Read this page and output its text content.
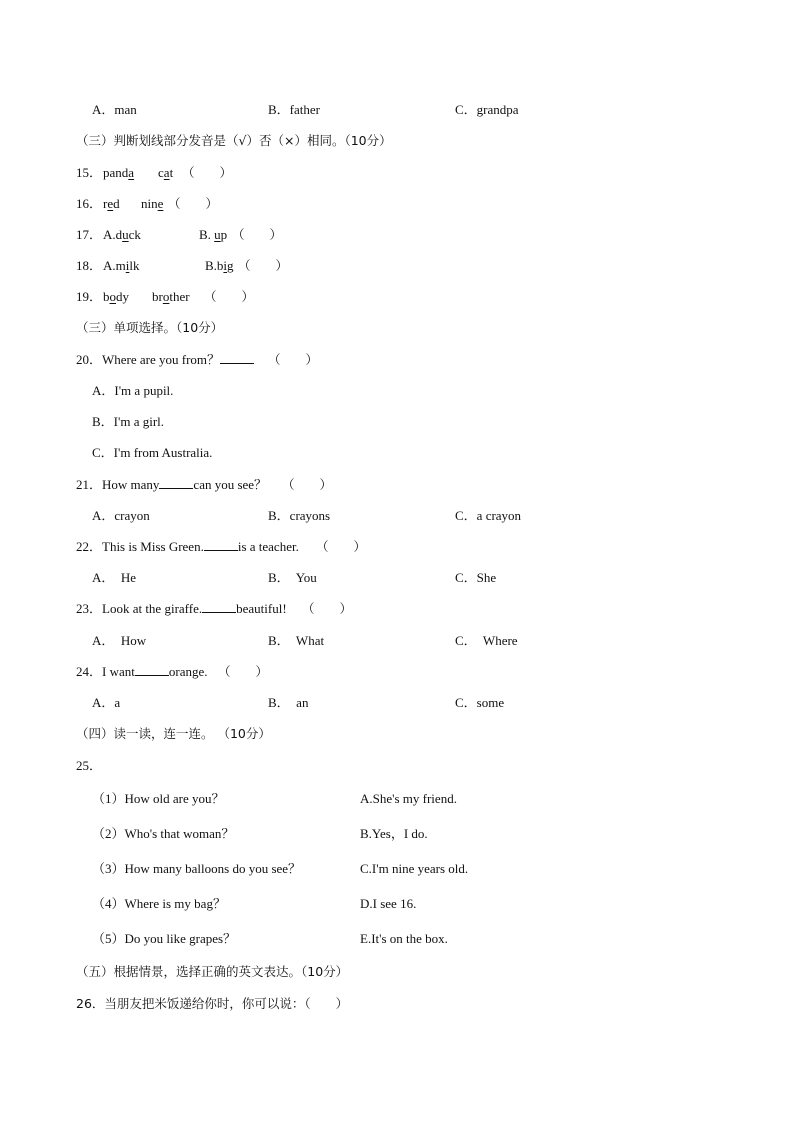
A．man	B．father	C．grandpa
（三）判断划线部分发音是（√）否（×）相同。（10分）
15． panda cat （　　）
16． red nine （　　）
17． A.duck	B. up （　　）
18． A.milk	B.big （　　）
19． body brother （　　）
（三）单项选择。（10分）
20．Where are you from？	（　　）
A．I'm a pupil.
B．I'm a girl.
C．I'm from Australia.
21．How many	can you see？ （　　）
A．crayon	B．crayons	C．a crayon
22．This is Miss Green.	is a teacher. （　　）
A．  He	B．  You	C．She
23．Look at the giraffe.	beautiful! （　　）
A．  How	B．  What	C．  Where
24．I want	orange. （　　）
A．a	B．  an	C．some
（四）读一读，连一连。 （10分）
25．
（1）How old are you？	A.She's my friend.
（2）Who's that woman？	B.Yes，I do.
（3）How many balloons do you see？	C.I'm nine years old.
（4）Where is my bag？	D.I see 16.
（5）Do you like grapes？	E.It's on the box.
（五）根据情景，选择正确的英文表达。（10分）
26．当朋友把米饭递给你时，你可以说：（　　）
